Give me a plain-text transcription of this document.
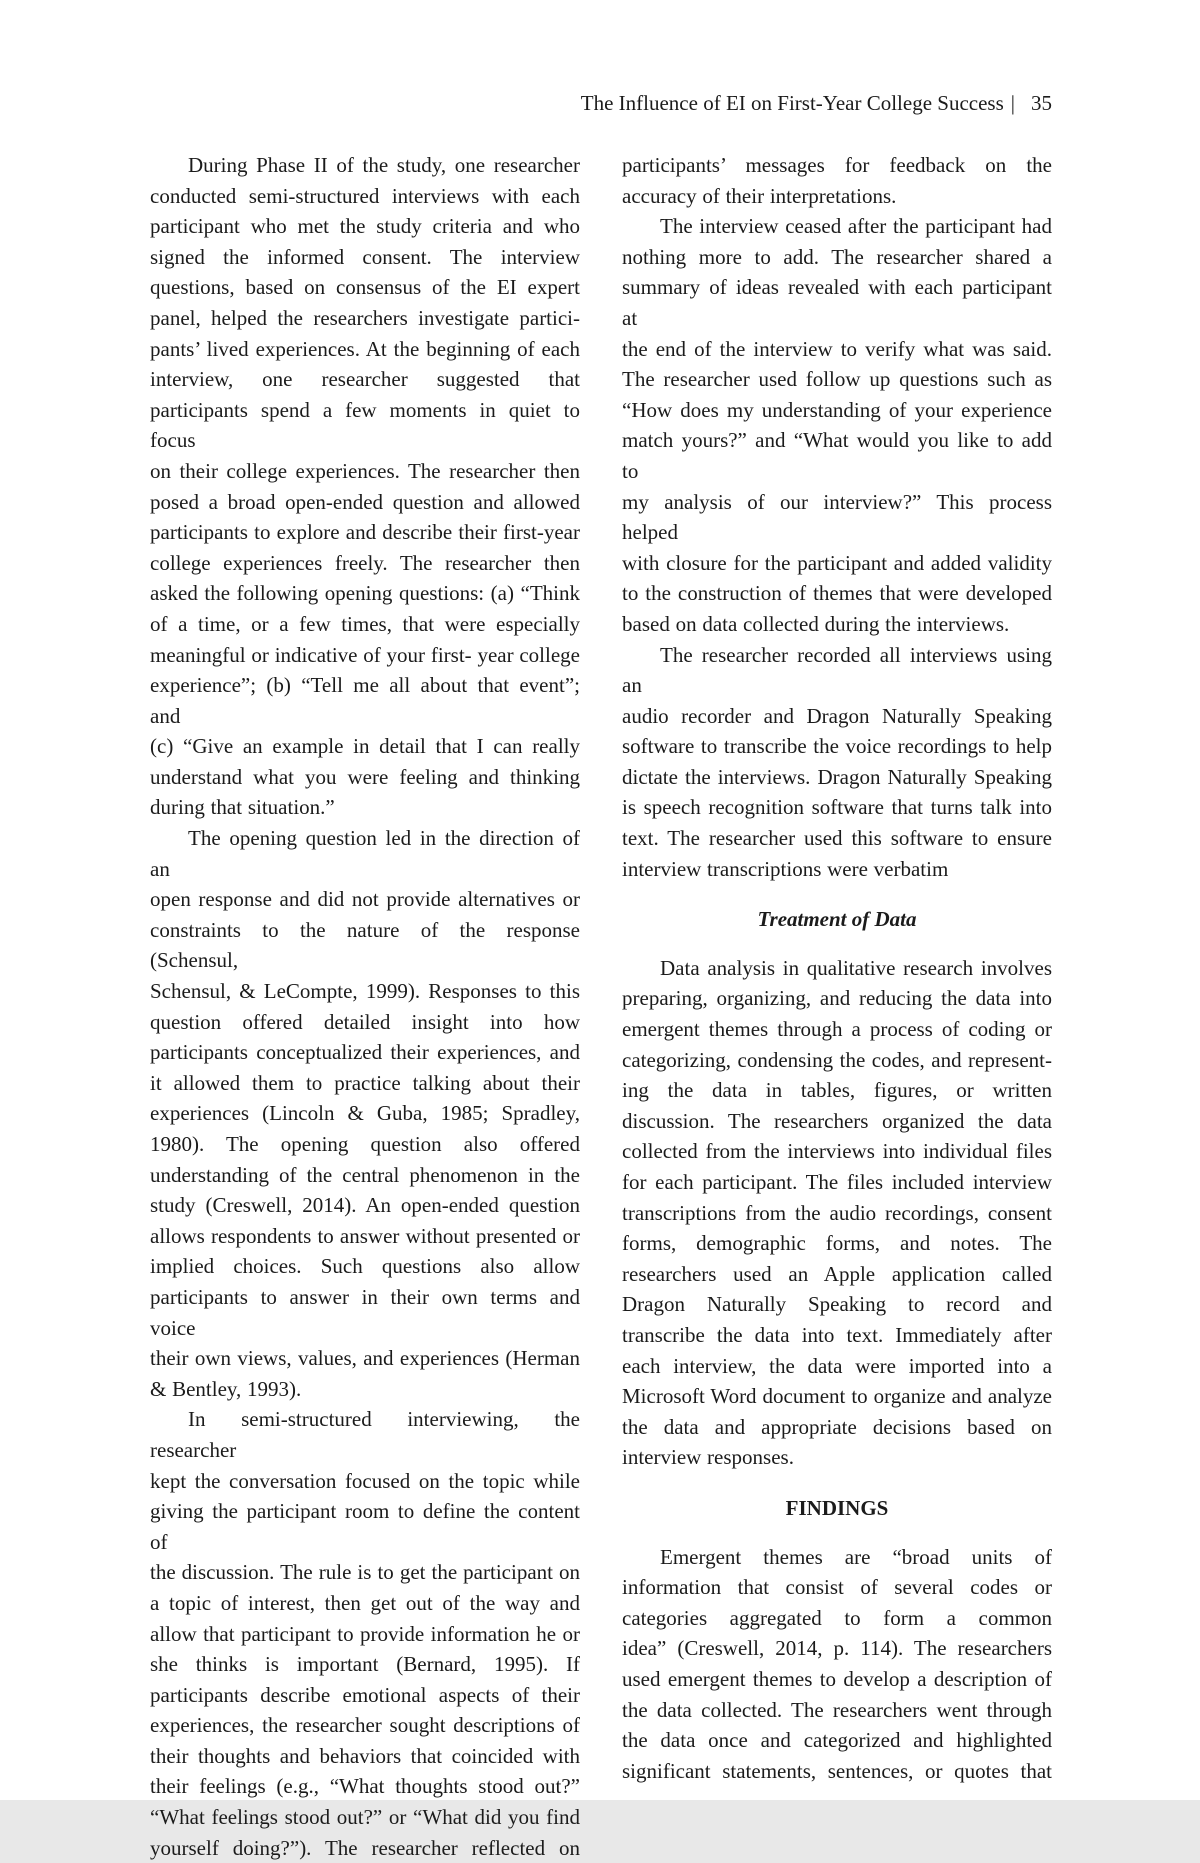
The Influence of EI on First-Year College Success | 35
During Phase II of the study, one researcher
conducted semi-structured interviews with each
participant who met the study criteria and who
signed the informed consent. The interview
questions, based on consensus of the EI expert
panel, helped the researchers investigate partici-
pants’ lived experiences. At the beginning of each
interview, one researcher suggested that
participants spend a few moments in quiet to focus
on their college experiences. The researcher then
posed a broad open-ended question and allowed
participants to explore and describe their first-year
college experiences freely. The researcher then
asked the following opening questions: (a) “Think
of a time, or a few times, that were especially
meaningful or indicative of your first- year college
experience”; (b) “Tell me all about that event”; and
(c) “Give an example in detail that I can really
understand what you were feeling and thinking
during that situation.”
The opening question led in the direction of an
open response and did not provide alternatives or
constraints to the nature of the response (Schensul,
Schensul, & LeCompte, 1999). Responses to this
question offered detailed insight into how
participants conceptualized their experiences, and
it allowed them to practice talking about their
experiences (Lincoln & Guba, 1985; Spradley,
1980). The opening question also offered
understanding of the central phenomenon in the
study (Creswell, 2014). An open-ended question
allows respondents to answer without presented or
implied choices. Such questions also allow
participants to answer in their own terms and voice
their own views, values, and experiences (Herman
& Bentley, 1993).
In semi-structured interviewing, the researcher
kept the conversation focused on the topic while
giving the participant room to define the content of
the discussion. The rule is to get the participant on
a topic of interest, then get out of the way and
allow that participant to provide information he or
she thinks is important (Bernard, 1995). If
participants describe emotional aspects of their
experiences, the researcher sought descriptions of
their thoughts and behaviors that coincided with
their feelings (e.g., “What thoughts stood out?”
“What feelings stood out?” or “What did you find
yourself doing?”). The researcher reflected on
participants’ messages for feedback on the
accuracy of their interpretations.
The interview ceased after the participant had
nothing more to add. The researcher shared a
summary of ideas revealed with each participant at
the end of the interview to verify what was said.
The researcher used follow up questions such as
“How does my understanding of your experience
match yours?” and “What would you like to add to
my analysis of our interview?” This process helped
with closure for the participant and added validity
to the construction of themes that were developed
based on data collected during the interviews.
The researcher recorded all interviews using an
audio recorder and Dragon Naturally Speaking
software to transcribe the voice recordings to help
dictate the interviews. Dragon Naturally Speaking
is speech recognition software that turns talk into
text. The researcher used this software to ensure
interview transcriptions were verbatim
Treatment of Data
Data analysis in qualitative research involves
preparing, organizing, and reducing the data into
emergent themes through a process of coding or
categorizing, condensing the codes, and represent-
ing the data in tables, figures, or written
discussion. The researchers organized the data
collected from the interviews into individual files
for each participant. The files included interview
transcriptions from the audio recordings, consent
forms, demographic forms, and notes. The
researchers used an Apple application called
Dragon Naturally Speaking to record and
transcribe the data into text. Immediately after
each interview, the data were imported into a
Microsoft Word document to organize and analyze
the data and appropriate decisions based on
interview responses.
FINDINGS
Emergent themes are “broad units of
information that consist of several codes or
categories aggregated to form a common
idea” (Creswell, 2014, p. 114). The researchers
used emergent themes to develop a description of
the data collected. The researchers went through
the data once and categorized and highlighted
significant statements, sentences, or quotes that
